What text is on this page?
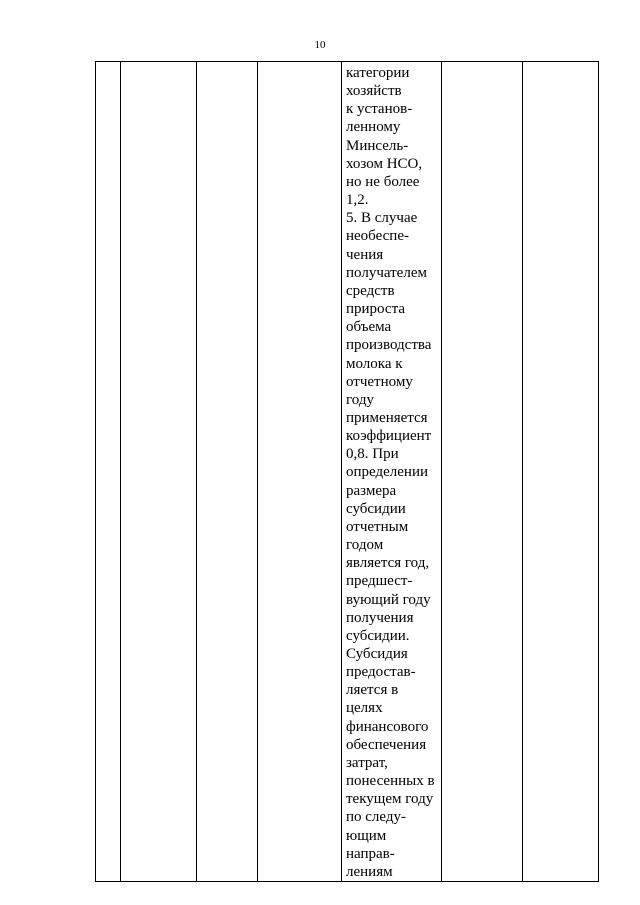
10

категории
хозяйств
к установ-
ленному
Минсель-
хозом НСО,
но не более
1,2.
5. В случае
необеспе-
чения
получателем
средств
прироста
объема
производства
молока к
отчетному
году
применяется
коэффициент
0,8. При
определении
размера
субсидии
отчетным
годом
является год,
предшест-
вующий году
получения
субсидии.
Субсидия
предостав-
ляется в
целях
финансового
обеспечения
затрат,
понесенных в
текущем году
по следу-
ющим
направ-
лениям
